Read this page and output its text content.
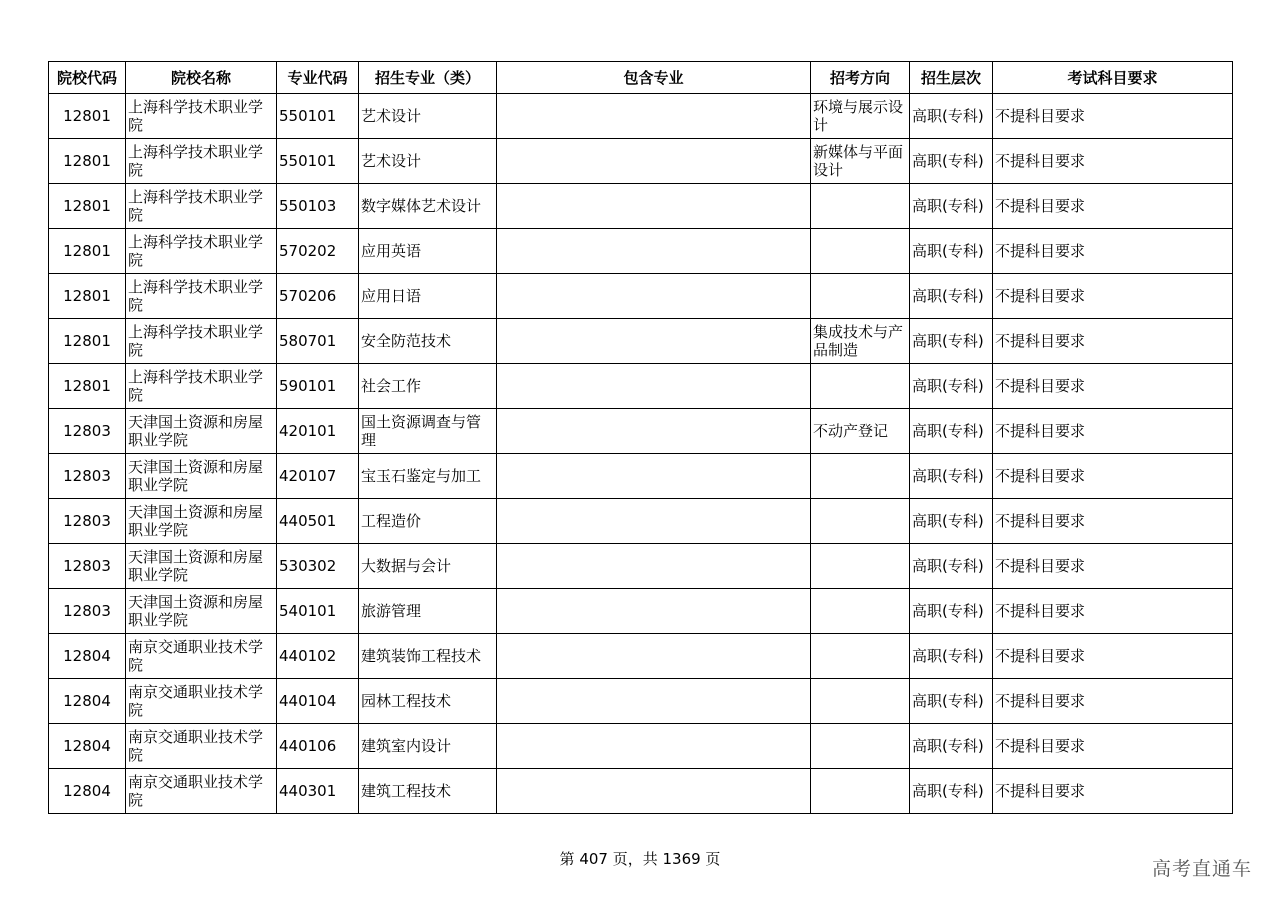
院校代码	院校名称	专业代码	招生专业（类）	包含专业	招考方向	招生层次	考试科目要求
12801	上海科学技术职业学院	550101	艺术设计		环境与展示设计	高职(专科)	不提科目要求
12801	上海科学技术职业学院	550101	艺术设计		新媒体与平面设计	高职(专科)	不提科目要求
12801	上海科学技术职业学院	550103	数字媒体艺术设计			高职(专科)	不提科目要求
12801	上海科学技术职业学院	570202	应用英语			高职(专科)	不提科目要求
12801	上海科学技术职业学院	570206	应用日语			高职(专科)	不提科目要求
12801	上海科学技术职业学院	580701	安全防范技术		集成技术与产品制造	高职(专科)	不提科目要求
12801	上海科学技术职业学院	590101	社会工作			高职(专科)	不提科目要求
12803	天津国土资源和房屋职业学院	420101	国土资源调查与管理		不动产登记	高职(专科)	不提科目要求
12803	天津国土资源和房屋职业学院	420107	宝玉石鉴定与加工			高职(专科)	不提科目要求
12803	天津国土资源和房屋职业学院	440501	工程造价			高职(专科)	不提科目要求
12803	天津国土资源和房屋职业学院	530302	大数据与会计			高职(专科)	不提科目要求
12803	天津国土资源和房屋职业学院	540101	旅游管理			高职(专科)	不提科目要求
12804	南京交通职业技术学院	440102	建筑装饰工程技术			高职(专科)	不提科目要求
12804	南京交通职业技术学院	440104	园林工程技术			高职(专科)	不提科目要求
12804	南京交通职业技术学院	440106	建筑室内设计			高职(专科)	不提科目要求
12804	南京交通职业技术学院	440301	建筑工程技术			高职(专科)	不提科目要求
第 407 页，共 1369 页	高考直通车
